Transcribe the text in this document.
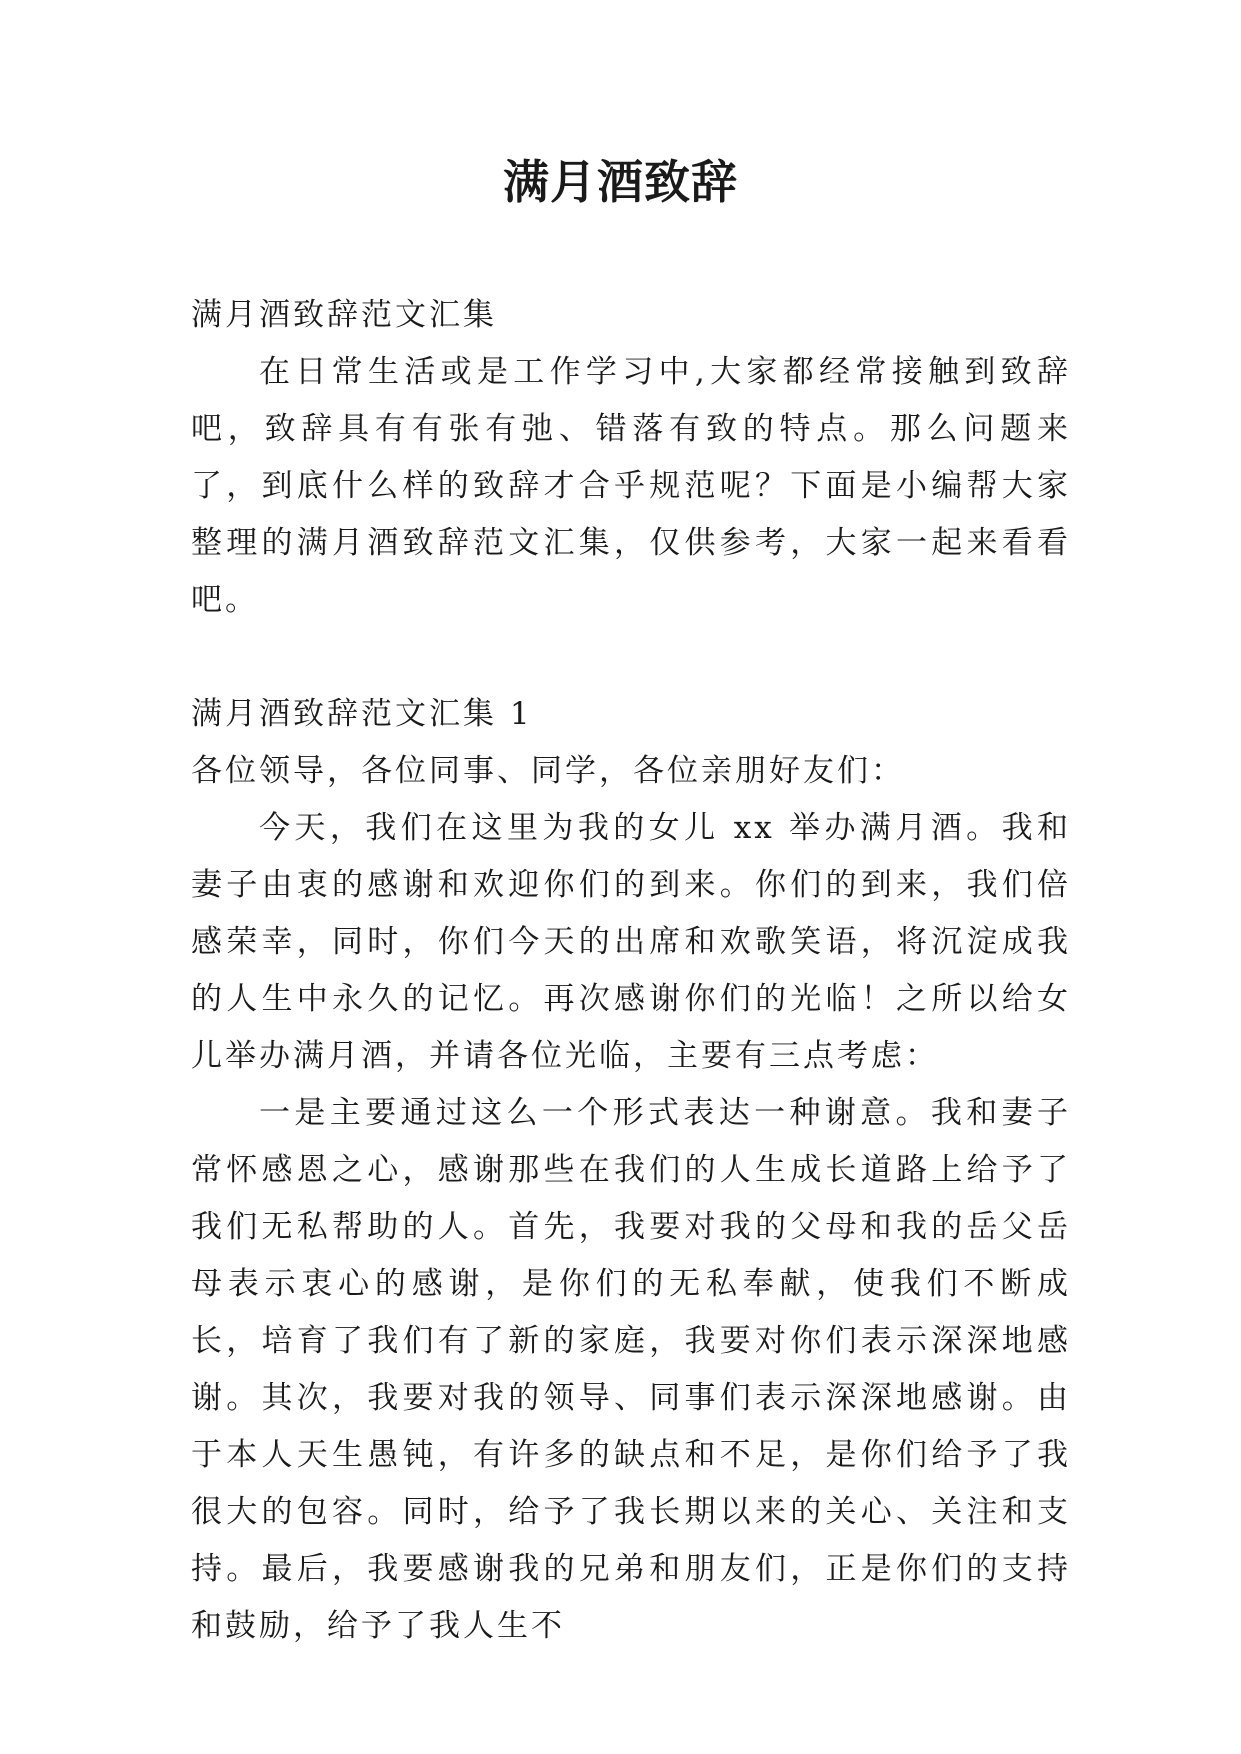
满月酒致辞

满月酒致辞范文汇集

在日常生活或是工作学习中,大家都经常接触到致辞吧，致辞具有有张有弛、错落有致的特点。那么问题来了，到底什么样的致辞才合乎规范呢？下面是小编帮大家整理的满月酒致辞范文汇集，仅供参考，大家一起来看看吧。

满月酒致辞范文汇集 1

各位领导，各位同事、同学，各位亲朋好友们：

今天，我们在这里为我的女儿 xx 举办满月酒。我和妻子由衷的感谢和欢迎你们的到来。你们的到来，我们倍感荣幸，同时，你们今天的出席和欢歌笑语，将沉淀成我的人生中永久的记忆。再次感谢你们的光临！之所以给女儿举办满月酒，并请各位光临，主要有三点考虑：

一是主要通过这么一个形式表达一种谢意。我和妻子常怀感恩之心，感谢那些在我们的人生成长道路上给予了我们无私帮助的人。首先，我要对我的父母和我的岳父岳母表示衷心的感谢，是你们的无私奉献，使我们不断成长，培育了我们有了新的家庭，我要对你们表示深深地感谢。其次，我要对我的领导、同事们表示深深地感谢。由于本人天生愚钝，有许多的缺点和不足，是你们给予了我很大的包容。同时，给予了我长期以来的关心、关注和支持。最后，我要感谢我的兄弟和朋友们，正是你们的支持和鼓励，给予了我人生不
